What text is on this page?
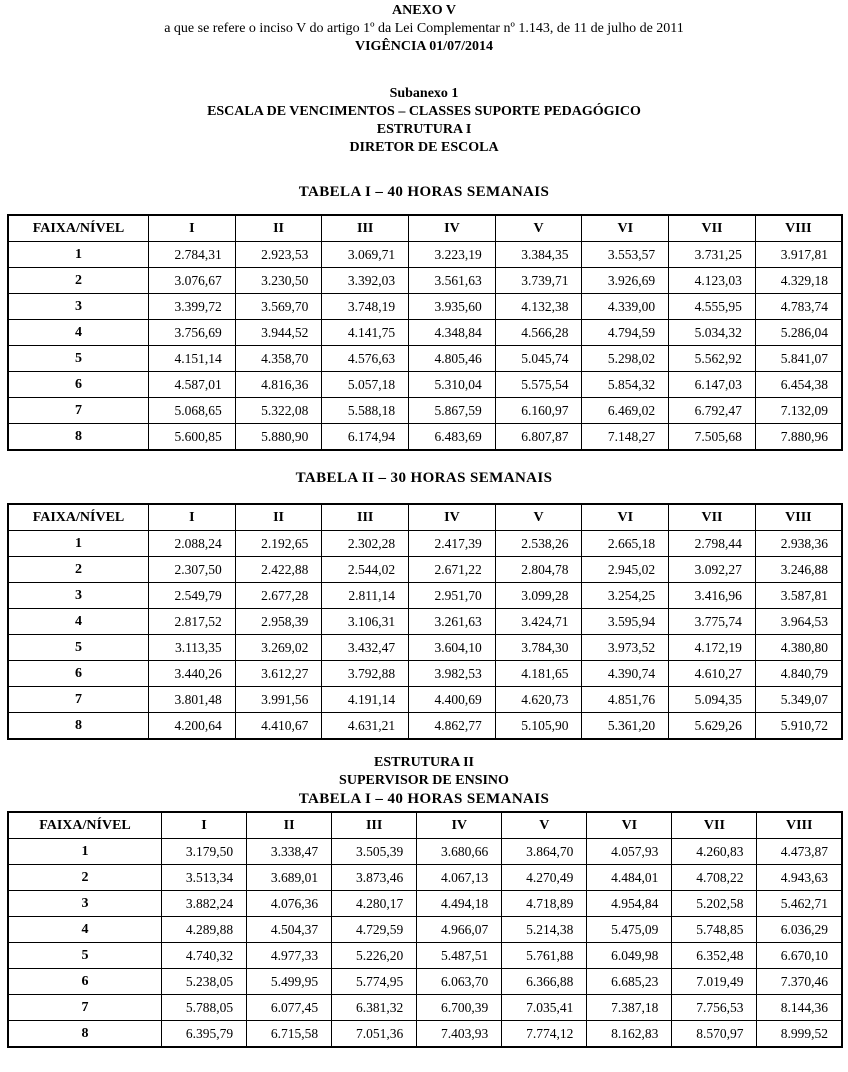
ANEXO V
a que se refere o inciso V do artigo 1º da Lei Complementar nº 1.143, de 11 de julho de 2011
VIGÊNCIA 01/07/2014
Subanexo 1
ESCALA DE VENCIMENTOS – CLASSES SUPORTE PEDAGÓGICO
ESTRUTURA I
DIRETOR DE ESCOLA
TABELA I – 40 HORAS SEMANAIS
FAIXA/NÍVEL	I	II	III	IV	V	VI	VII	VIII
1	2.784,31	2.923,53	3.069,71	3.223,19	3.384,35	3.553,57	3.731,25	3.917,81
2	3.076,67	3.230,50	3.392,03	3.561,63	3.739,71	3.926,69	4.123,03	4.329,18
3	3.399,72	3.569,70	3.748,19	3.935,60	4.132,38	4.339,00	4.555,95	4.783,74
4	3.756,69	3.944,52	4.141,75	4.348,84	4.566,28	4.794,59	5.034,32	5.286,04
5	4.151,14	4.358,70	4.576,63	4.805,46	5.045,74	5.298,02	5.562,92	5.841,07
6	4.587,01	4.816,36	5.057,18	5.310,04	5.575,54	5.854,32	6.147,03	6.454,38
7	5.068,65	5.322,08	5.588,18	5.867,59	6.160,97	6.469,02	6.792,47	7.132,09
8	5.600,85	5.880,90	6.174,94	6.483,69	6.807,87	7.148,27	7.505,68	7.880,96
TABELA II – 30 HORAS SEMANAIS
FAIXA/NÍVEL	I	II	III	IV	V	VI	VII	VIII
1	2.088,24	2.192,65	2.302,28	2.417,39	2.538,26	2.665,18	2.798,44	2.938,36
2	2.307,50	2.422,88	2.544,02	2.671,22	2.804,78	2.945,02	3.092,27	3.246,88
3	2.549,79	2.677,28	2.811,14	2.951,70	3.099,28	3.254,25	3.416,96	3.587,81
4	2.817,52	2.958,39	3.106,31	3.261,63	3.424,71	3.595,94	3.775,74	3.964,53
5	3.113,35	3.269,02	3.432,47	3.604,10	3.784,30	3.973,52	4.172,19	4.380,80
6	3.440,26	3.612,27	3.792,88	3.982,53	4.181,65	4.390,74	4.610,27	4.840,79
7	3.801,48	3.991,56	4.191,14	4.400,69	4.620,73	4.851,76	5.094,35	5.349,07
8	4.200,64	4.410,67	4.631,21	4.862,77	5.105,90	5.361,20	5.629,26	5.910,72
ESTRUTURA II
SUPERVISOR DE ENSINO
TABELA I – 40 HORAS SEMANAIS
FAIXA/NÍVEL	I	II	III	IV	V	VI	VII	VIII
1	3.179,50	3.338,47	3.505,39	3.680,66	3.864,70	4.057,93	4.260,83	4.473,87
2	3.513,34	3.689,01	3.873,46	4.067,13	4.270,49	4.484,01	4.708,22	4.943,63
3	3.882,24	4.076,36	4.280,17	4.494,18	4.718,89	4.954,84	5.202,58	5.462,71
4	4.289,88	4.504,37	4.729,59	4.966,07	5.214,38	5.475,09	5.748,85	6.036,29
5	4.740,32	4.977,33	5.226,20	5.487,51	5.761,88	6.049,98	6.352,48	6.670,10
6	5.238,05	5.499,95	5.774,95	6.063,70	6.366,88	6.685,23	7.019,49	7.370,46
7	5.788,05	6.077,45	6.381,32	6.700,39	7.035,41	7.387,18	7.756,53	8.144,36
8	6.395,79	6.715,58	7.051,36	7.403,93	7.774,12	8.162,83	8.570,97	8.999,52
